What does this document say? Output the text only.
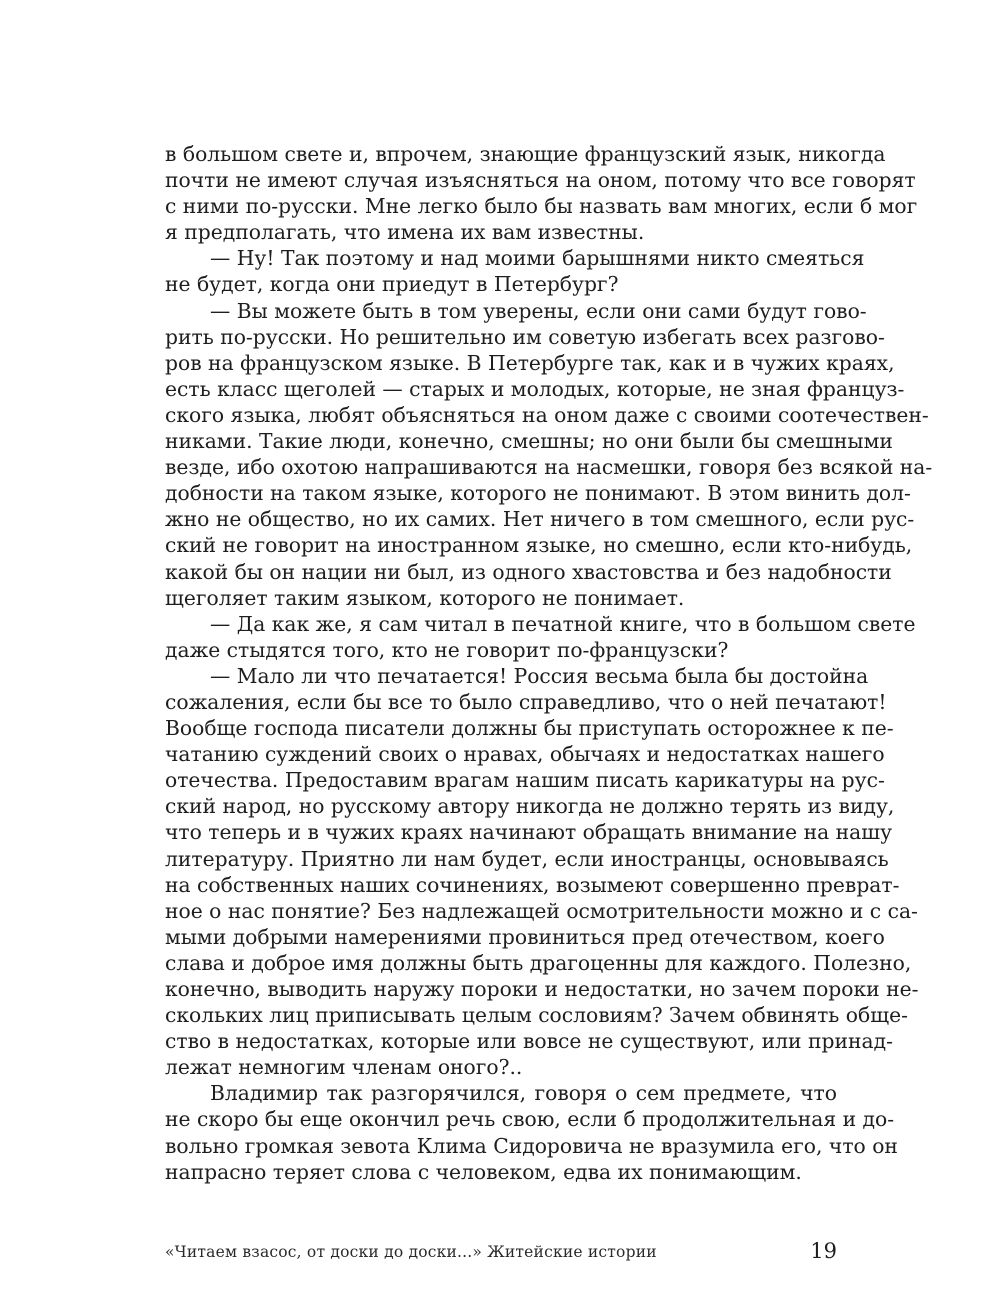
в большом свете и, впрочем, знающие французский язык, никогда
почти не имеют случая изъясняться на оном, потому что все говорят
с ними по-русски. Мне легко было бы назвать вам многих, если б мог
я предполагать, что имена их вам известны.
— Ну! Так поэтому и над моими барышнями никто смеяться
не будет, когда они приедут в Петербург?
— Вы можете быть в том уверены, если они сами будут гово-
рить по-русски. Но решительно им советую избегать всех разгово-
ров на французском языке. В Петербурге так, как и в чужих краях,
есть класс щеголей — старых и молодых, которые, не зная француз-
ского языка, любят объясняться на оном даже с своими соотечествен-
никами. Такие люди, конечно, смешны; но они были бы смешными
везде, ибо охотою напрашиваются на насмешки, говоря без всякой на-
добности на таком языке, которого не понимают. В этом винить дол-
жно не общество, но их самих. Нет ничего в том смешного, если рус-
ский не говорит на иностранном языке, но смешно, если кто-нибудь,
какой бы он нации ни был, из одного хвастовства и без надобности
щеголяет таким языком, которого не понимает.
— Да как же, я сам читал в печатной книге, что в большом свете
даже стыдятся того, кто не говорит по-французски?
— Мало ли что печатается! Россия весьма была бы достойна
сожаления, если бы все то было справедливо, что о ней печатают!
Вообще господа писатели должны бы приступать осторожнее к пе-
чатанию суждений своих о нравах, обычаях и недостатках нашего
отечества. Предоставим врагам нашим писать карикатуры на рус-
ский народ, но русскому автору никогда не должно терять из виду,
что теперь и в чужих краях начинают обращать внимание на нашу
литературу. Приятно ли нам будет, если иностранцы, основываясь
на собственных наших сочинениях, возымеют совершенно преврат-
ное о нас понятие? Без надлежащей осмотрительности можно и с са-
мыми добрыми намерениями провиниться пред отечеством, коего
слава и доброе имя должны быть драгоценны для каждого. Полезно,
конечно, выводить наружу пороки и недостатки, но зачем пороки не-
скольких лиц приписывать целым сословиям? Зачем обвинять обще-
ство в недостатках, которые или вовсе не существуют, или принад-
лежат немногим членам оного?..
Владимир так разгорячился, говоря о сем предмете, что
не скоро бы еще окончил речь свою, если б продолжительная и до-
вольно громкая зевота Клима Сидоровича не вразумила его, что он
напрасно теряет слова с человеком, едва их понимающим.
«Читаем взасос, от доски до доски...» Житейские истории	19
